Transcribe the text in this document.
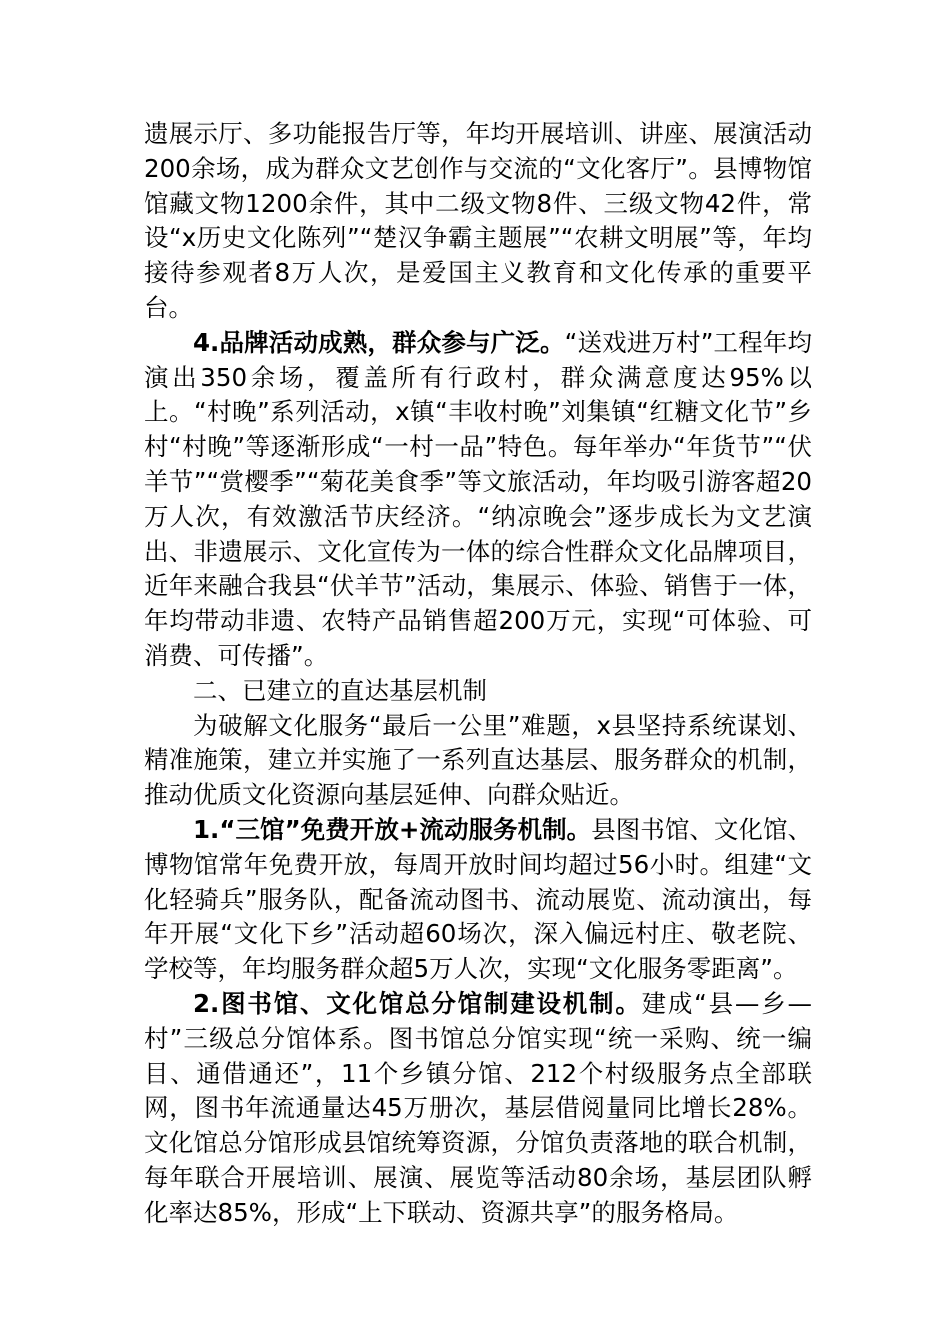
遗展示厅、多功能报告厅等，年均开展培训、讲座、展演活动200余场，成为群众文艺创作与交流的“文化客厅”。县博物馆馆藏文物1200余件，其中二级文物8件、三级文物42件，常设“x历史文化陈列”“楚汉争霸主题展”“农耕文明展”等，年均接待参观者8万人次，是爱国主义教育和文化传承的重要平台。

4.品牌活动成熟，群众参与广泛。“送戏进万村”工程年均演出350余场，覆盖所有行政村，群众满意度达95%以上。“村晚”系列活动，x镇“丰收村晚”刘集镇“红糖文化节”乡村“村晚”等逐渐形成“一村一品”特色。每年举办“年货节”“伏羊节”“赏樱季”“菊花美食季”等文旅活动，年均吸引游客超20万人次，有效激活节庆经济。“纳凉晚会”逐步成长为文艺演出、非遗展示、文化宣传为一体的综合性群众文化品牌项目，近年来融合我县“伏羊节”活动，集展示、体验、销售于一体，年均带动非遗、农特产品销售超200万元，实现“可体验、可消费、可传播”。

二、已建立的直达基层机制

为破解文化服务“最后一公里”难题，x县坚持系统谋划、精准施策，建立并实施了一系列直达基层、服务群众的机制，推动优质文化资源向基层延伸、向群众贴近。

1.“三馆”免费开放+流动服务机制。县图书馆、文化馆、博物馆常年免费开放，每周开放时间均超过56小时。组建“文化轻骑兵”服务队，配备流动图书、流动展览、流动演出，每年开展“文化下乡”活动超60场次，深入偏远村庄、敬老院、学校等，年均服务群众超5万人次，实现“文化服务零距离”。

2.图书馆、文化馆总分馆制建设机制。建成“县—乡—村”三级总分馆体系。图书馆总分馆实现“统一采购、统一编目、通借通还”，11个乡镇分馆、212个村级服务点全部联网，图书年流通量达45万册次，基层借阅量同比增长28%。文化馆总分馆形成县馆统筹资源，分馆负责落地的联合机制，每年联合开展培训、展演、展览等活动80余场，基层团队孵化率达85%，形成“上下联动、资源共享”的服务格局。
